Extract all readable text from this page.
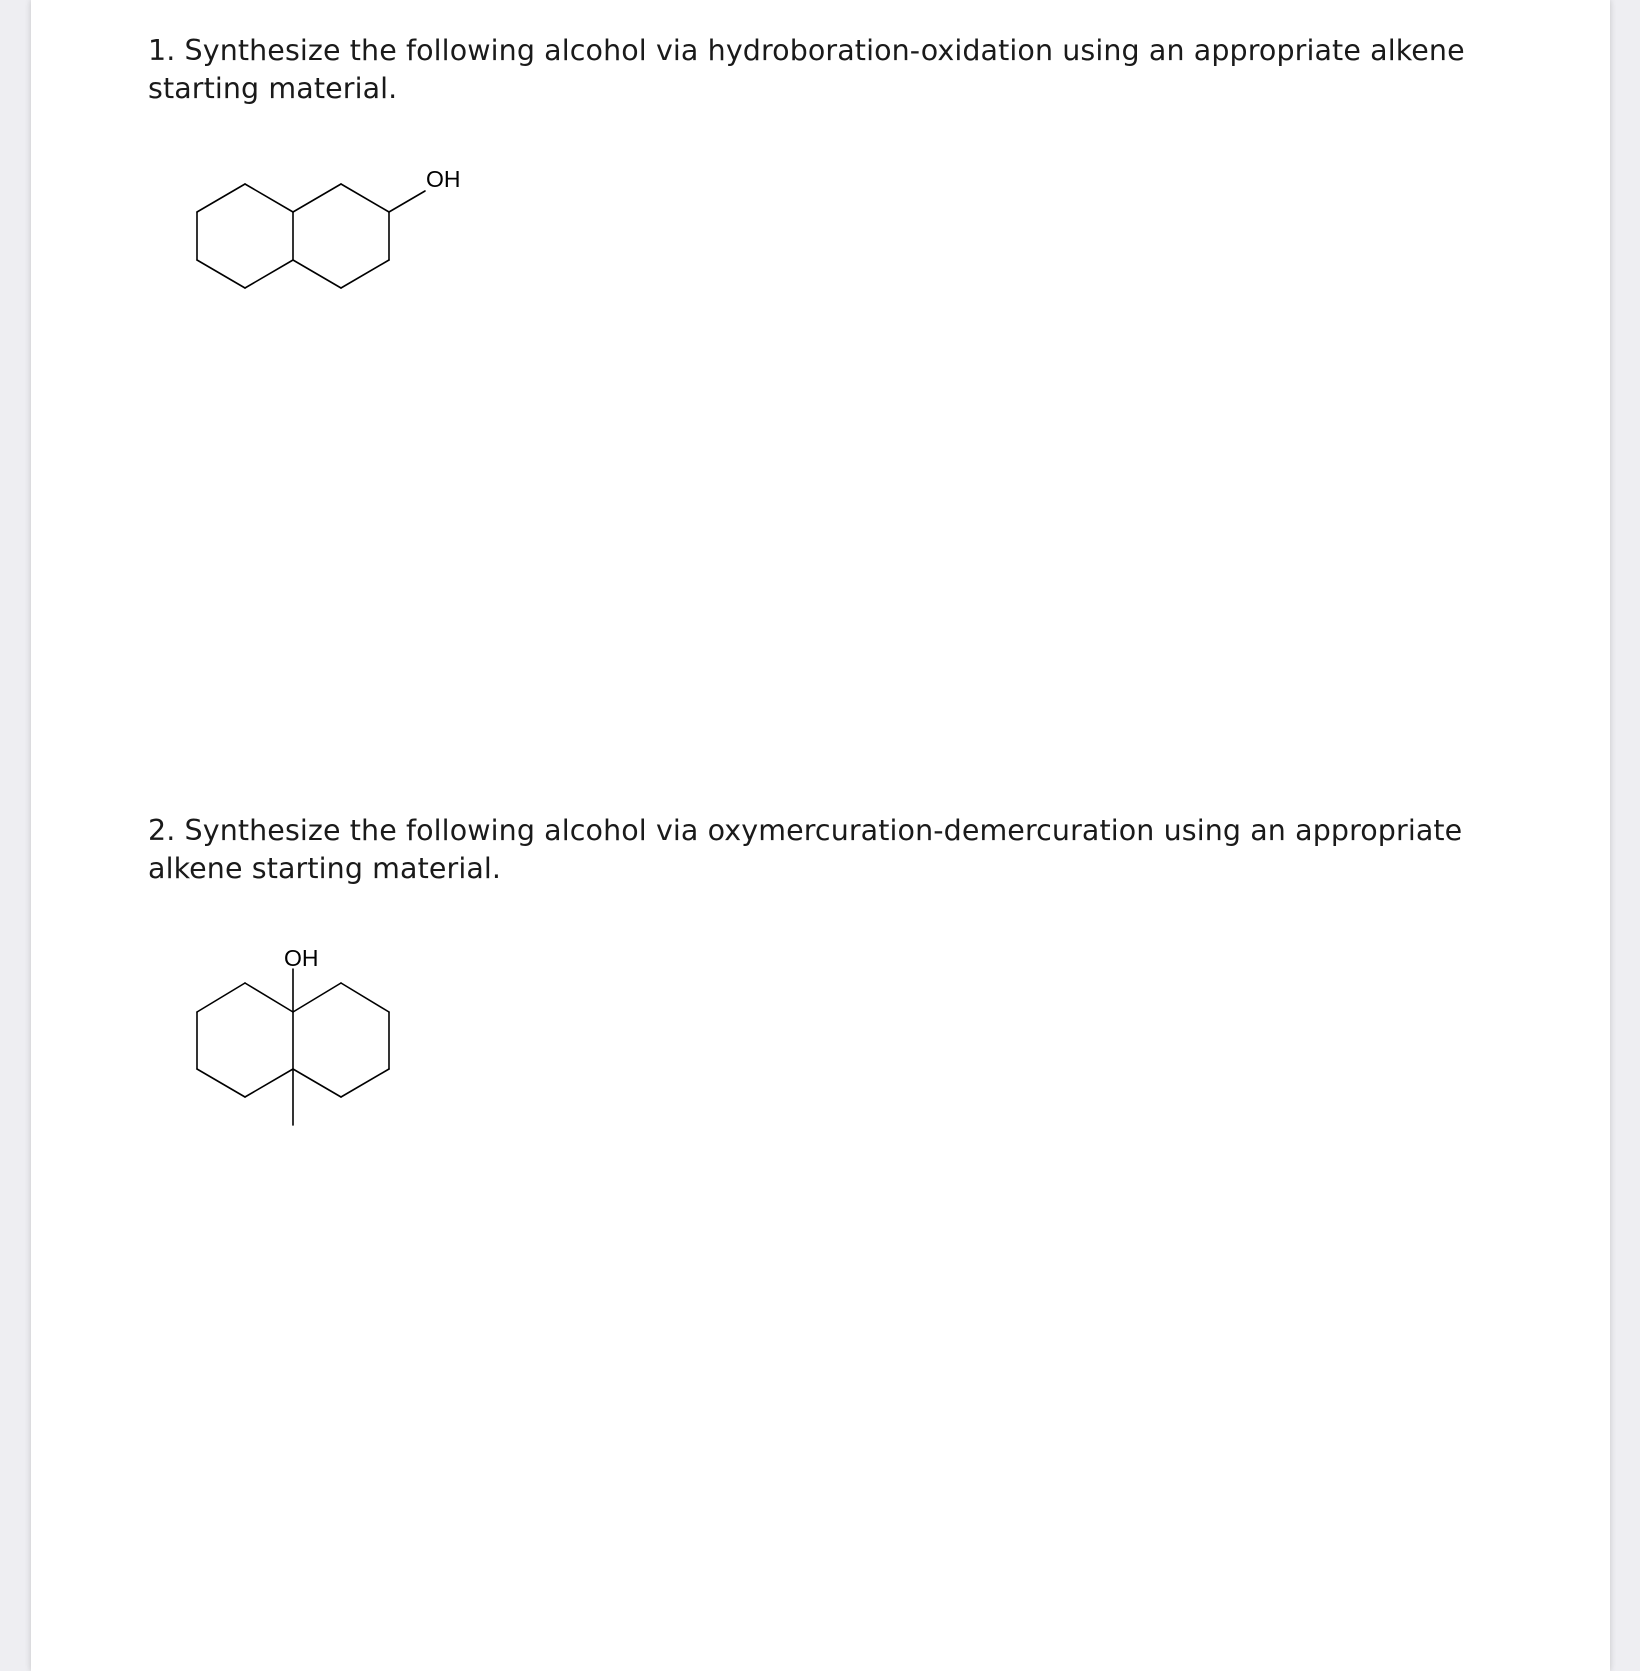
1. Synthesize the following alcohol via hydroboration-oxidation using an appropriate alkene starting material.

OH

2. Synthesize the following alcohol via oxymercuration-demercuration using an appropriate alkene starting material.

OH
